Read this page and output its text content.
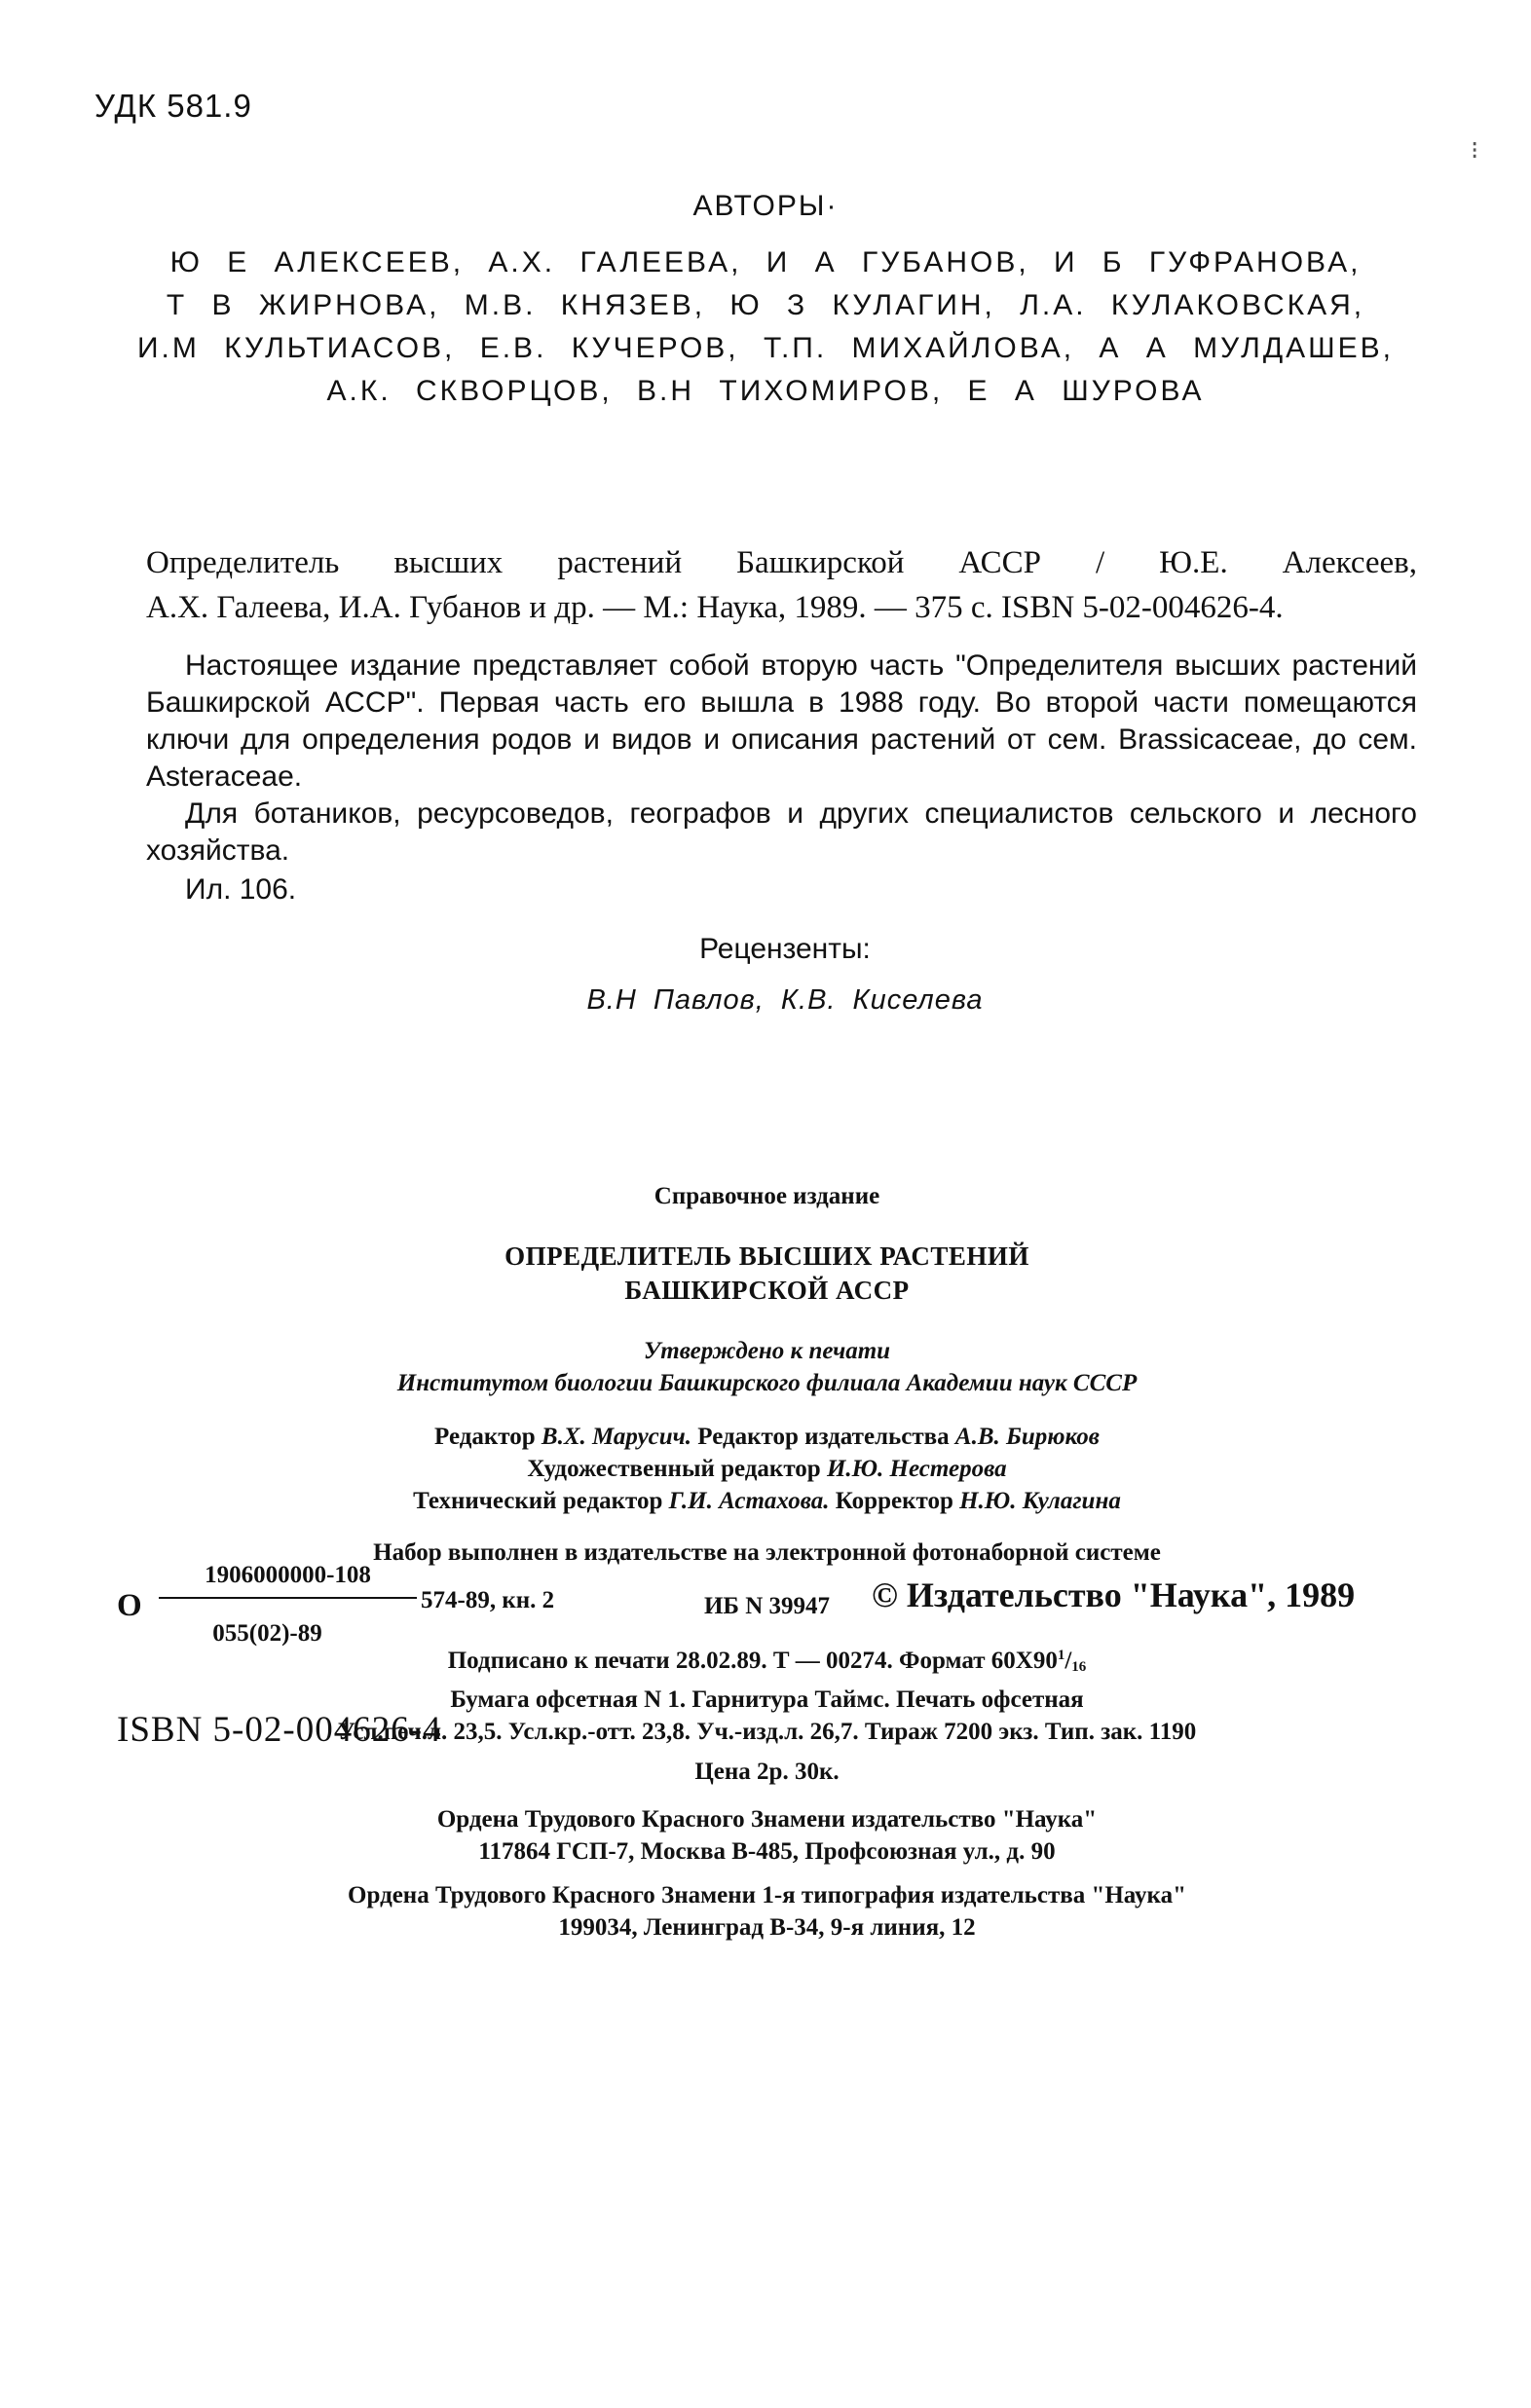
УДК 581.9
⁝
АВТОРЫ·
Ю Е АЛЕКСЕЕВ, А.Х. ГАЛЕЕВА, И А ГУБАНОВ, И Б ГУФРАНОВА,
Т В ЖИРНОВА, М.В. КНЯЗЕВ, Ю З КУЛАГИН, Л.А. КУЛАКОВСКАЯ,
И.М КУЛЬТИАСОВ, Е.В. КУЧЕРОВ, Т.П. МИХАЙЛОВА, А А МУЛДАШЕВ,
А.К. СКВОРЦОВ, В.Н ТИХОМИРОВ, Е А ШУРОВА
Определитель высших растений Башкирской АССР / Ю.Е. Алексеев,
А.Х. Галеева, И.А. Губанов и др. — М.: Наука, 1989. — 375 с. ISBN 5-02-004626-4.

Настоящее издание представляет собой вторую часть "Определителя высших растений Башкирской АССР". Первая часть его вышла в 1988 году. Во второй части помещаются ключи для определения родов и видов и описания растений от сем. Brassicaceae, до сем. Asteraceae.

Для ботаников, ресурсоведов, географов и других специалистов сельского и лесного хозяйства.

Ил. 106.

Рецензенты:
В.Н Павлов, К.В. Киселева

Справочное издание

ОПРЕДЕЛИТЕЛЬ ВЫСШИХ РАСТЕНИЙ

БАШКИРСКОЙ АССР

Утверждено к печати

Институтом биологии Башкирского филиала Академии наук СССР

Редактор В.Х. Марусич. Редактор издательства А.В. Бирюков

Художественный редактор И.Ю. Нестерова

Технический редактор Г.И. Астахова. Корректор Н.Ю. Кулагина

Набор выполнен в издательстве на электронной фотонаборной системе

ИБ N 39947

Подписано к печати 28.02.89. Т — 00274. Формат $60Х90^1/_{16}$

Бумага офсетная N 1. Гарнитура Таймс. Печать офсетная

Усл.печ.л. 23,5. Усл.кр.-отт. 23,8. Уч.-изд.л. 26,7. Тираж 7200 экз. Тип. зак. 1190

Цена 2р. 30к.

Ордена Трудового Красного Знамени издательство "Наука"

117864 ГСП-7, Москва В-485, Профсоюзная ул., д. 90

Ордена Трудового Красного Знамени 1-я типография издательства "Наука"

199034, Ленинград В-34, 9-я линия, 12

О
1906000000-108
055(02)-89
574-89, кн. 2	© Издательство "Наука", 1989
ISBN 5-02-004626-4
